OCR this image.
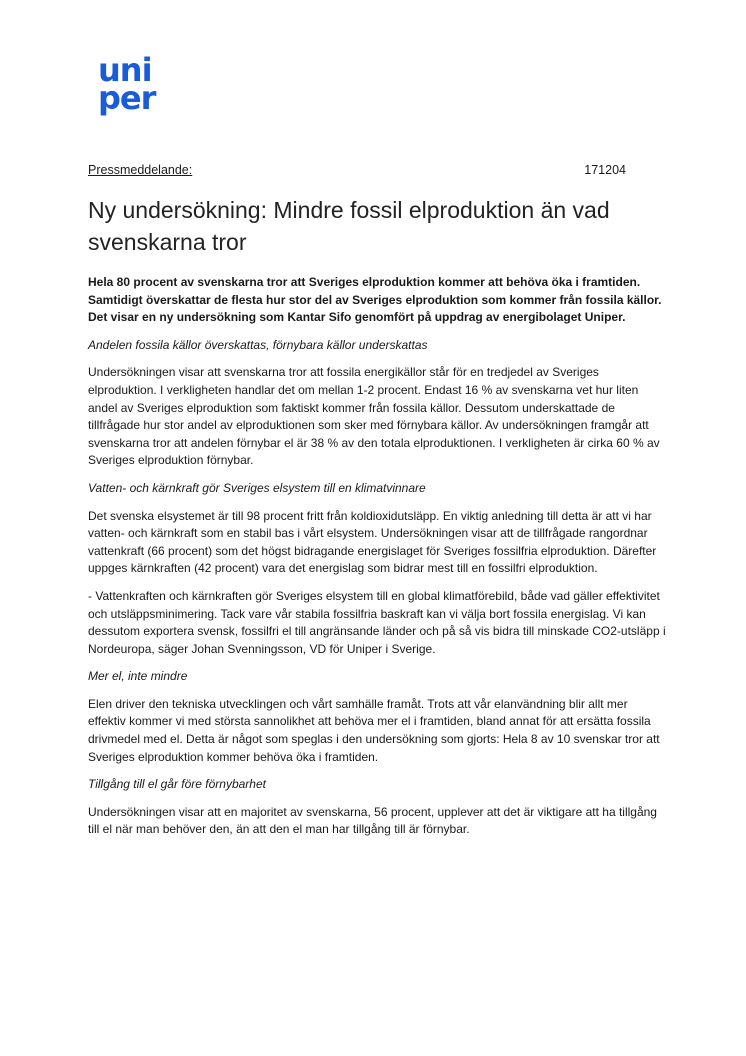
uni
per
Pressmeddelande:	171204
Ny undersökning: Mindre fossil elproduktion än vad svenskarna tror

Hela 80 procent av svenskarna tror att Sveriges elproduktion kommer att behöva öka i framtiden. Samtidigt överskattar de flesta hur stor del av Sveriges elproduktion som kommer från fossila källor. Det visar en ny undersökning som Kantar Sifo genomfört på uppdrag av energibolaget Uniper.

Andelen fossila källor överskattas, förnybara källor underskattas

Undersökningen visar att svenskarna tror att fossila energikällor står för en tredjedel av Sveriges elproduktion. I verkligheten handlar det om mellan 1-2 procent. Endast 16 % av svenskarna vet hur liten andel av Sveriges elproduktion som faktiskt kommer från fossila källor. Dessutom underskattade de tillfrågade hur stor andel av elproduktionen som sker med förnybara källor. Av undersökningen framgår att svenskarna tror att andelen förnybar el är 38 % av den totala elproduktionen. I verkligheten är cirka 60 % av Sveriges elproduktion förnybar.

Vatten- och kärnkraft gör Sveriges elsystem till en klimatvinnare

Det svenska elsystemet är till 98 procent fritt från koldioxidutsläpp. En viktig anledning till detta är att vi har vatten- och kärnkraft som en stabil bas i vårt elsystem. Undersökningen visar att de tillfrågade rangordnar vattenkraft (66 procent) som det högst bidragande energislaget för Sveriges fossilfria elproduktion. Därefter uppges kärnkraften (42 procent) vara det energislag som bidrar mest till en fossilfri elproduktion.

- Vattenkraften och kärnkraften gör Sveriges elsystem till en global klimatförebild, både vad gäller effektivitet och utsläppsminimering. Tack vare vår stabila fossilfria baskraft kan vi välja bort fossila energislag. Vi kan dessutom exportera svensk, fossilfri el till angränsande länder och på så vis bidra till minskade CO2-utsläpp i Nordeuropa, säger Johan Svenningsson, VD för Uniper i Sverige.

Mer el, inte mindre

Elen driver den tekniska utvecklingen och vårt samhälle framåt. Trots att vår elanvändning blir allt mer effektiv kommer vi med största sannolikhet att behöva mer el i framtiden, bland annat för att ersätta fossila drivmedel med el. Detta är något som speglas i den undersökning som gjorts: Hela 8 av 10 svenskar tror att Sveriges elproduktion kommer behöva öka i framtiden.

Tillgång till el går före förnybarhet

Undersökningen visar att en majoritet av svenskarna, 56 procent, upplever att det är viktigare att ha tillgång till el när man behöver den, än att den el man har tillgång till är förnybar.
